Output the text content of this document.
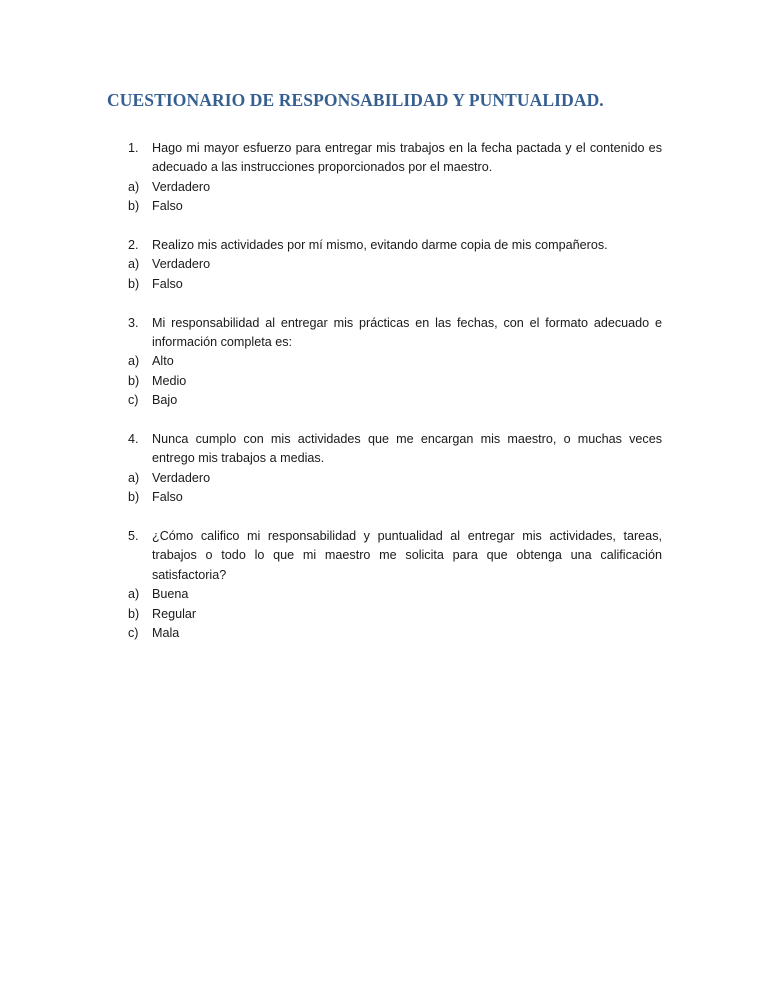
CUESTIONARIO DE RESPONSABILIDAD Y PUNTUALIDAD.
1.	Hago mi mayor esfuerzo para entregar mis trabajos en la fecha pactada y el contenido es adecuado a las instrucciones proporcionados por el maestro.
a)	Verdadero
b)	Falso
2.	Realizo mis actividades por mí mismo, evitando darme copia de mis compañeros.
a)	Verdadero
b)	Falso
3.	Mi responsabilidad al entregar mis prácticas en las fechas, con el formato adecuado e información completa es:
a)	Alto
b)	Medio
c)	Bajo
4.	Nunca cumplo con mis actividades que me encargan mis maestro, o muchas veces entrego mis trabajos a medias.
a)	Verdadero
b)	Falso
5.	¿Cómo califico mi responsabilidad y puntualidad al entregar mis actividades, tareas, trabajos o todo lo que mi maestro me solicita para que obtenga una calificación satisfactoria?
a)	Buena
b)	Regular
c)	Mala
